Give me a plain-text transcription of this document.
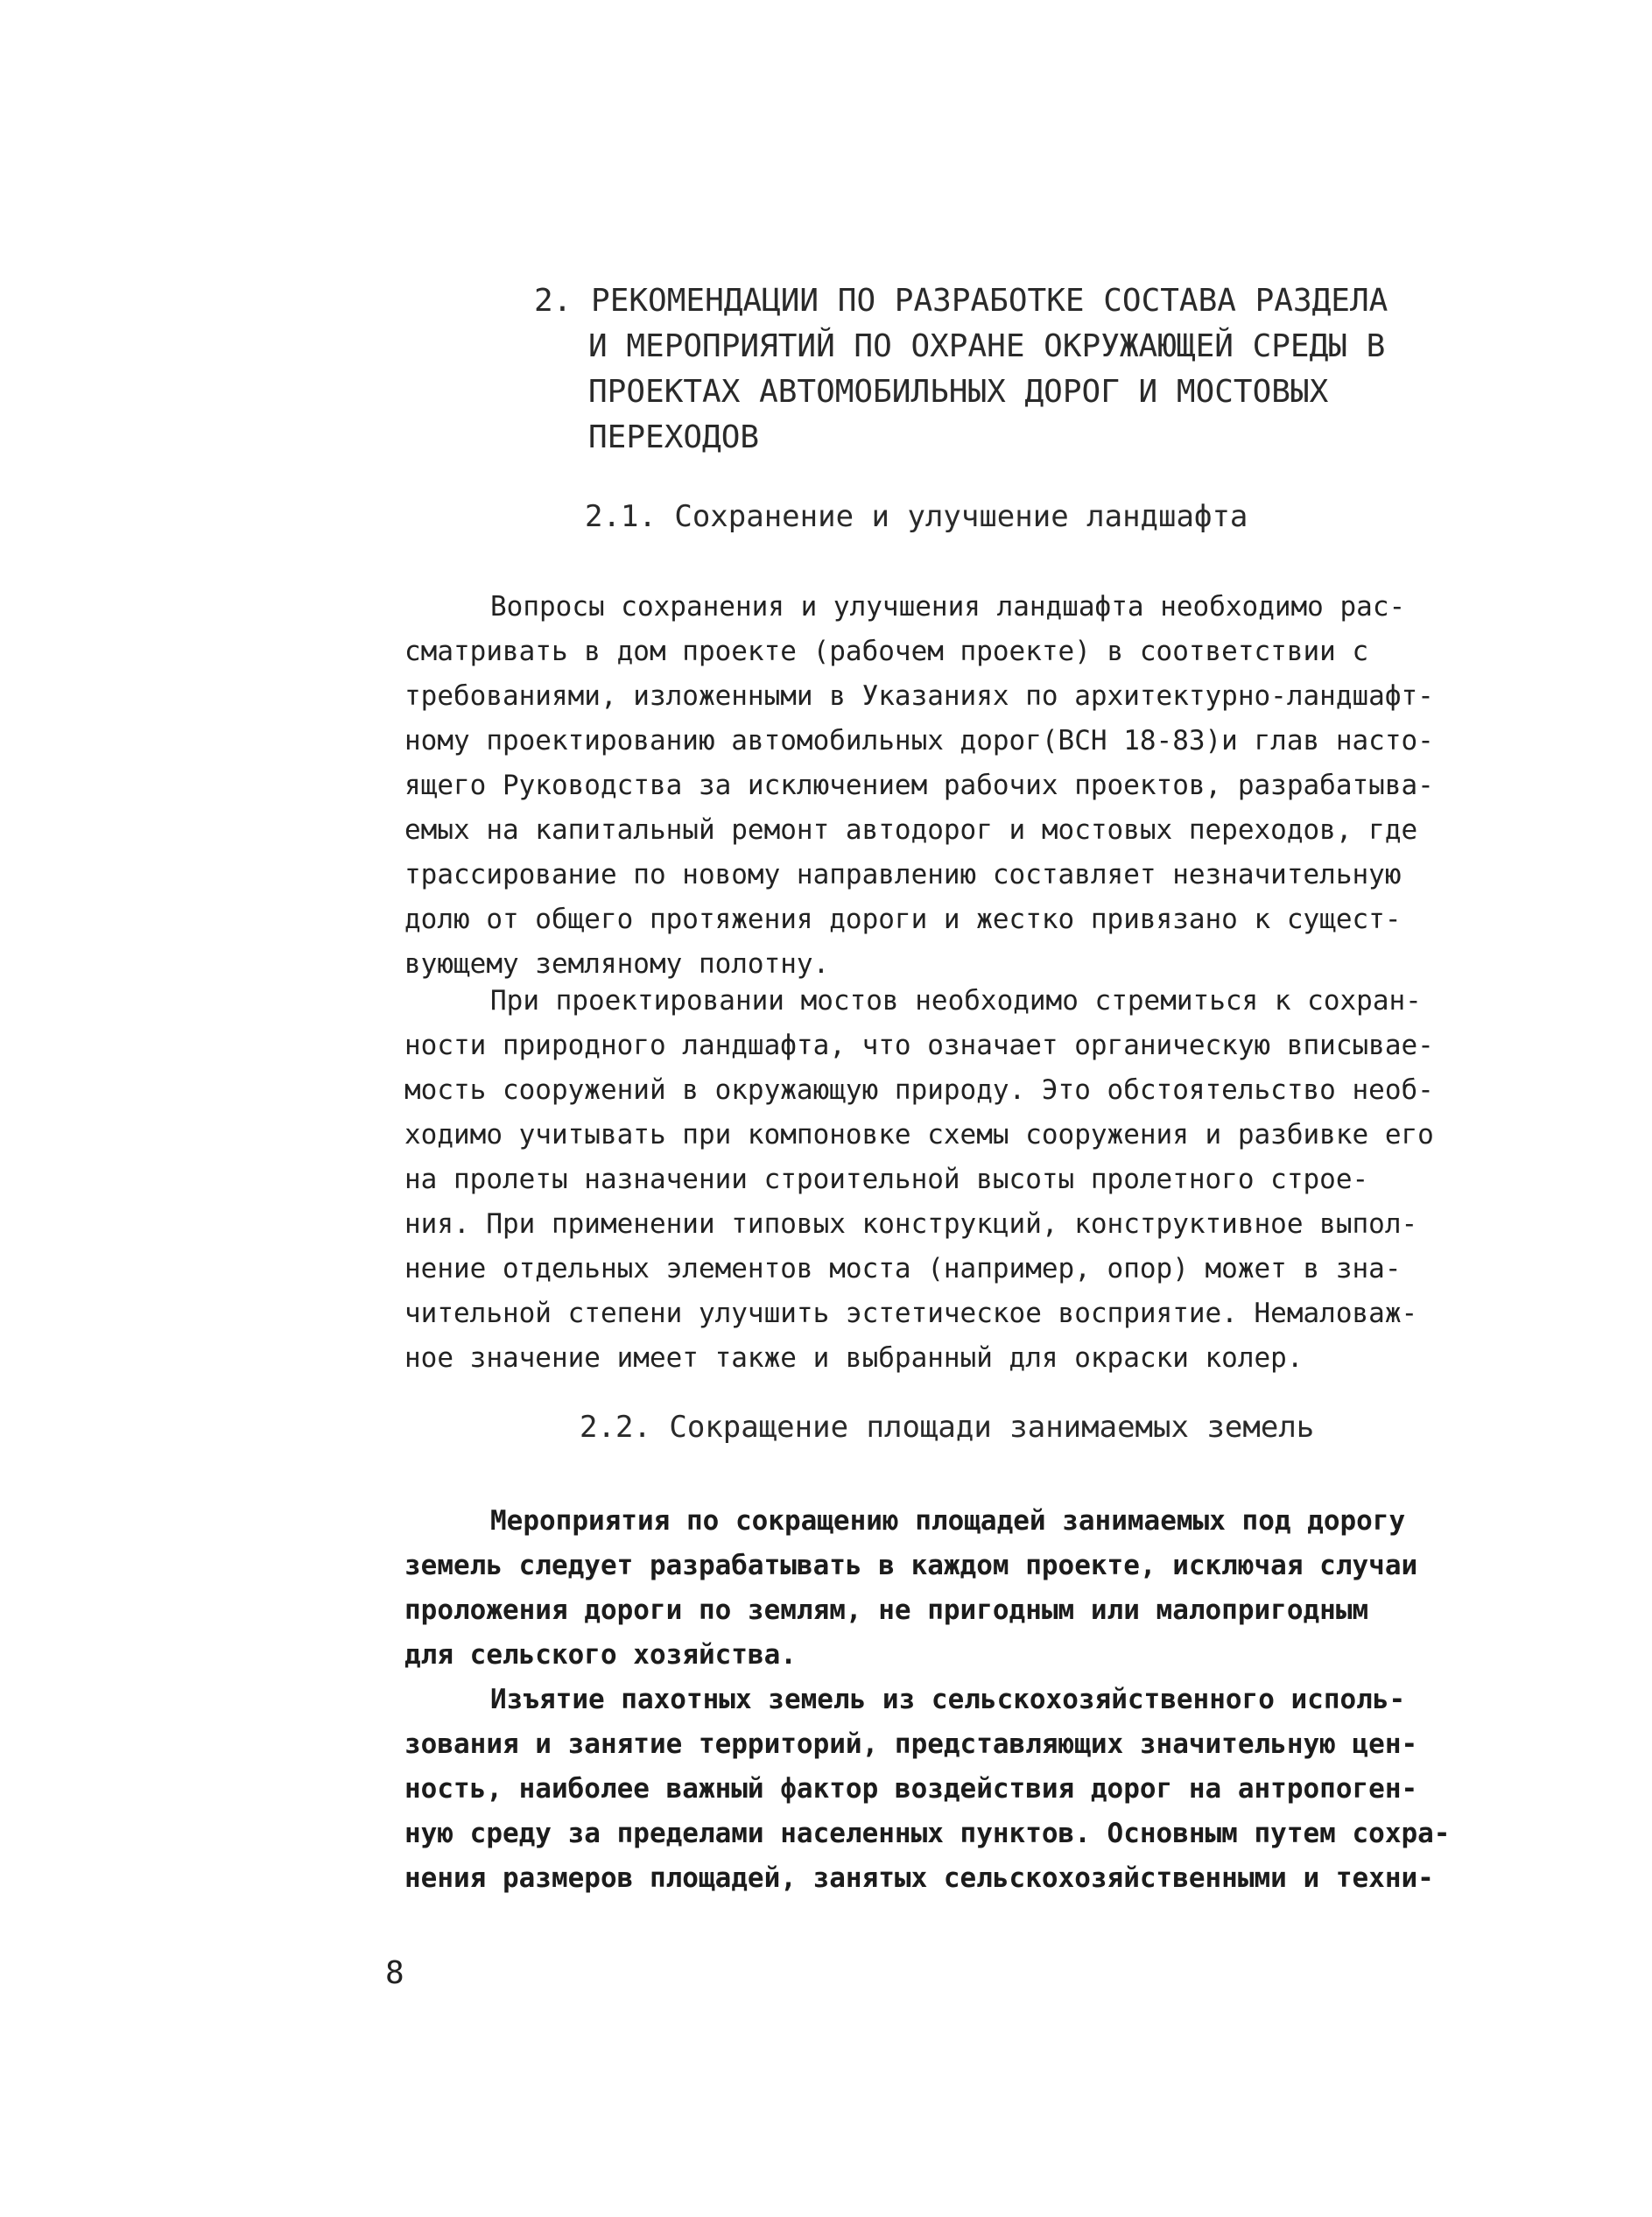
2. РЕКОМЕНДАЦИИ ПО РАЗРАБОТКЕ СОСТАВА РАЗДЕЛА
И МЕРОПРИЯТИЙ ПО ОХРАНЕ ОКРУЖАЮЩЕЙ СРЕДЫ В
ПРОЕКТАХ АВТОМОБИЛЬНЫХ ДОРОГ И МОСТОВЫХ
ПЕРЕХОДОВ
2.1. Сохранение и улучшение ландшафта
Вопросы сохранения и улучшения ландшафта необходимо рас-
сматривать в дом проекте (рабочем проекте) в соответствии с
требованиями, изложенными в Указаниях по архитектурно-ландшафт-
ному проектированию автомобильных дорог(ВСН 18-83)и глав насто-
ящего Руководства за исключением рабочих проектов, разрабатыва-
емых на капитальный ремонт автодорог и мостовых переходов, где
трассирование по новому направлению составляет незначительную
долю от общего протяжения дороги и жестко привязано к сущест-
вующему земляному полотну.
При проектировании мостов необходимо стремиться к сохран-
ности природного ландшафта, что означает органическую вписывае-
мость сооружений в окружающую природу. Это обстоятельство необ-
ходимо учитывать при компоновке схемы сооружения и разбивке его
на пролеты назначении строительной высоты пролетного строе-
ния. При применении типовых конструкций, конструктивное выпол-
нение отдельных элементов моста (например, опор) может в зна-
чительной степени улучшить эстетическое восприятие. Немаловаж-
ное значение имеет также и выбранный для окраски колер.
2.2. Сокращение площади занимаемых земель
Мероприятия по сокращению площадей занимаемых под дорогу
земель следует разрабатывать в каждом проекте, исключая случаи
проложения дороги по землям, не пригодным или малопригодным
для сельского хозяйства.
Изъятие пахотных земель из сельскохозяйственного исполь-
зования и занятие территорий, представляющих значительную цен-
ность, наиболее важный фактор воздействия дорог на антропоген-
ную среду за пределами населенных пунктов. Основным путем сохра-
нения размеров площадей, занятых сельскохозяйственными и техни-
8
